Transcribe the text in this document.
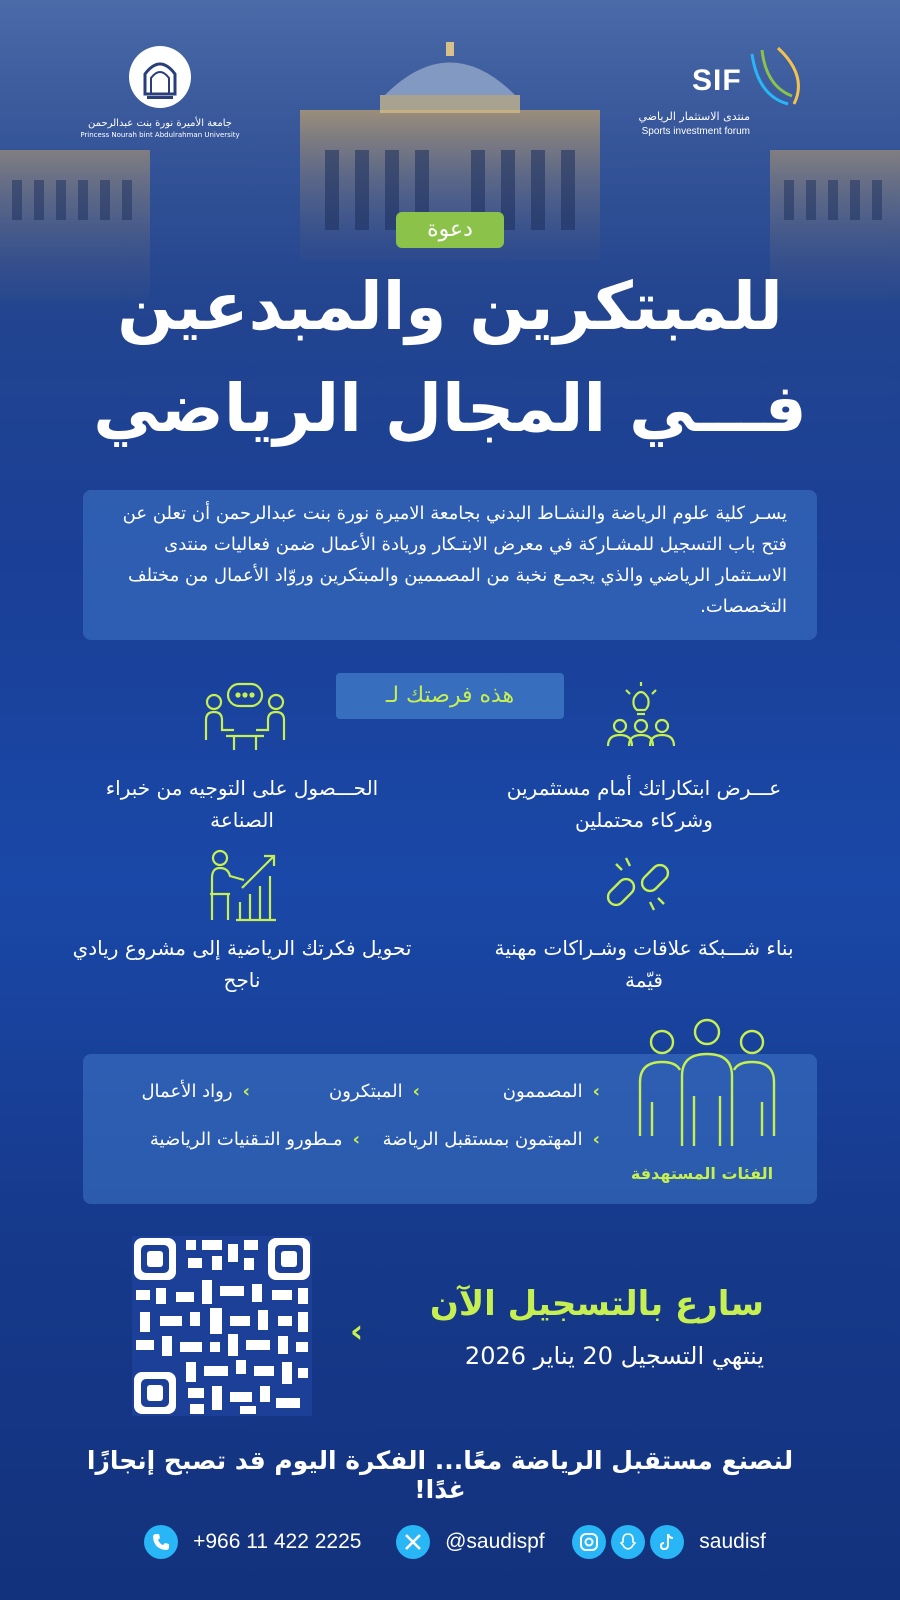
جامعة الأميرة نورة بنت عبدالرحمن
Princess Nourah bint Abdulrahman University
SIF
منتدى الاستثمار الرياضي
Sports investment forum
دعوة
للمبتكرين والمبدعين
فـــي المجال الرياضي
يسـر كلية علوم الرياضة والنشـاط البدني بجامعة الاميرة نورة بنت عبدالرحمن أن تعلن عن فتح باب التسجيل للمشـاركة في معرض الابتـكار وريادة الأعمال ضمن فعاليات منتدى الاسـتثمار الرياضي والذي يجمـع نخبة من المصممين والمبتكرين وروّاد الأعمال من مختلف التخصصات.
هذه فرصتك لـ
عـــرض ابتكاراتك أمام مستثمرين وشركاء محتملين
الحـــصول على التوجيه من خبراء الصناعة
بناء شـــبكة علاقات وشـراكات مهنية قيّمة
تحويل فكرتك الرياضية إلى مشروع ريادي ناجح
الفئات المستهدفة
›المصممون
›المبتكرون
›رواد الأعمال
›المهتمون بمستقبل الرياضة
›مـطورو التـقنيات الرياضية
‹
سارع بالتسجيل الآن
ينتهي التسجيل 20 يناير 2026
لنصنع مستقبل الرياضة معًا... الفكرة اليوم قد تصبح إنجازًا غدًا!
+966 11 422 2225	@saudispf

	saudisf
